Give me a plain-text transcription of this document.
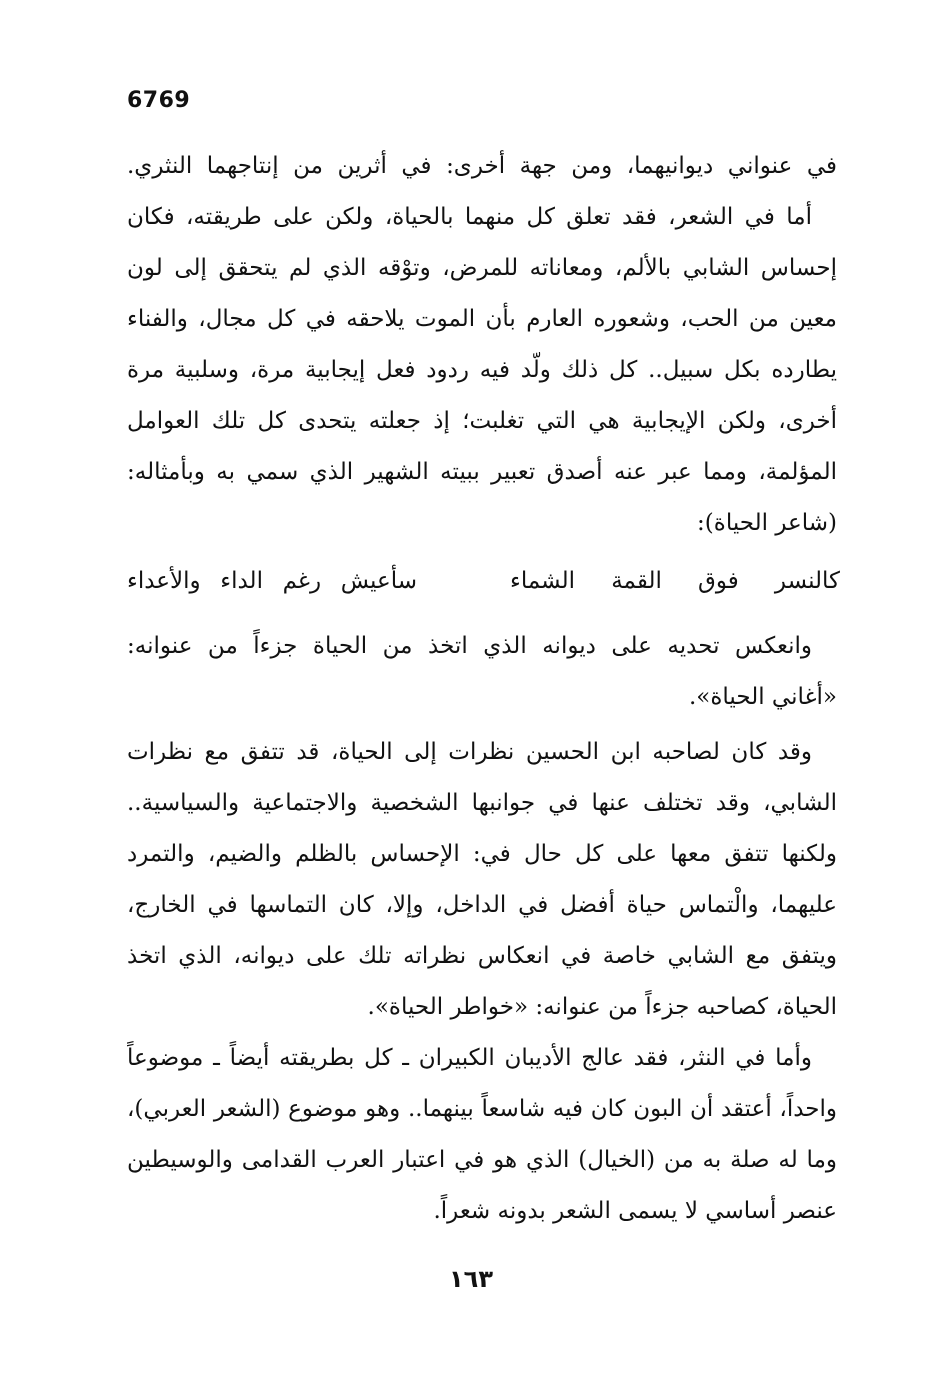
6769
في عنواني ديوانيهما، ومن جهة أخرى: في أثرين من إنتاجهما النثري.
أما في الشعر، فقد تعلق كل منهما بالحياة، ولكن على طريقته، فكان
إحساس الشابي بالألم، ومعاناته للمرض، وتوْقه الذي لم يتحقق إلى لون
معين من الحب، وشعوره العارم بأن الموت يلاحقه في كل مجال، والفناء
يطارده بكل سبيل.. كل ذلك ولَّد فيه ردود فعل إيجابية مرة، وسلبية مرة
أخرى، ولكن الإيجابية هي التي تغلبت؛ إذ جعلته يتحدى كل تلك العوامل
المؤلمة، ومما عبر عنه أصدق تعبير ببيته الشهير الذي سمي به وبأمثاله:
(شاعر الحياة):
كالنسر فوق القمة الشماء
سأعيش رغم الداء والأعداء
وانعكس تحديه على ديوانه الذي اتخذ من الحياة جزءاً من عنوانه:
«أغاني الحياة».
وقد كان لصاحبه ابن الحسين نظرات إلى الحياة، قد تتفق مع نظرات
الشابي، وقد تختلف عنها في جوانبها الشخصية والاجتماعية والسياسية..
ولكنها تتفق معها على كل حال في: الإحساس بالظلم والضيم، والتمرد
عليهما، والْتماس حياة أفضل في الداخل، وإلا، كان التماسها في الخارج،
ويتفق مع الشابي خاصة في انعكاس نظراته تلك على ديوانه، الذي اتخذ
الحياة، كصاحبه جزءاً من عنوانه: «خواطر الحياة».
وأما في النثر، فقد عالج الأديبان الكبيران ـ كل بطريقته أيضاً ـ موضوعاً
واحداً، أعتقد أن البون كان فيه شاسعاً بينهما.. وهو موضوع (الشعر العربي)،
وما له صلة به من (الخيال) الذي هو في اعتبار العرب القدامى والوسيطين
عنصر أساسي لا يسمى الشعر بدونه شعراً.
١٦٣
